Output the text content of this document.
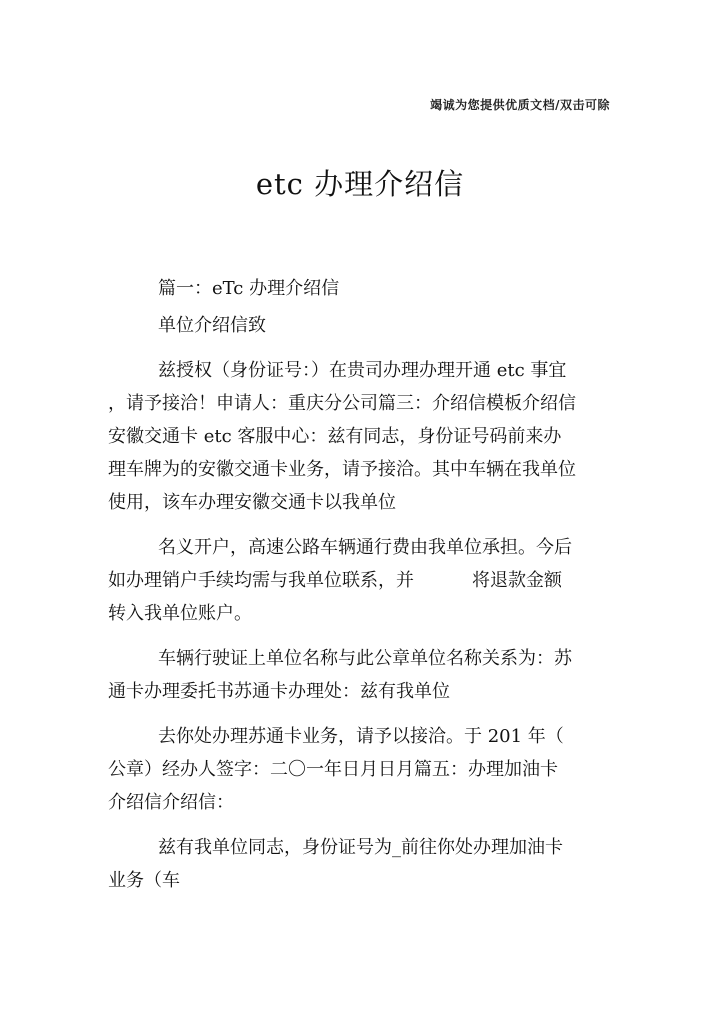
竭诚为您提供优质文档/双击可除
etc 办理介绍信

篇一：eTc 办理介绍信

单位介绍信致

兹授权（身份证号：）在贵司办理办理开通 etc 事宜

，请予接洽！申请人：重庆分公司篇三：介绍信模板介绍信

安徽交通卡 etc 客服中心：兹有同志，身份证号码前来办

理车牌为的安徽交通卡业务，请予接洽。其中车辆在我单位

使用，该车办理安徽交通卡以我单位

名义开户，高速公路车辆通行费由我单位承担。今后

如办理销户手续均需与我单位联系，并	将退款金额

转入我单位账户。

车辆行驶证上单位名称与此公章单位名称关系为：苏

通卡办理委托书苏通卡办理处：兹有我单位

去你处办理苏通卡业务，请予以接洽。于 201 年（

公章）经办人签字：二〇一年日月日月篇五：办理加油卡

介绍信介绍信：

兹有我单位同志，身份证号为_前往你处办理加油卡

业务（车
